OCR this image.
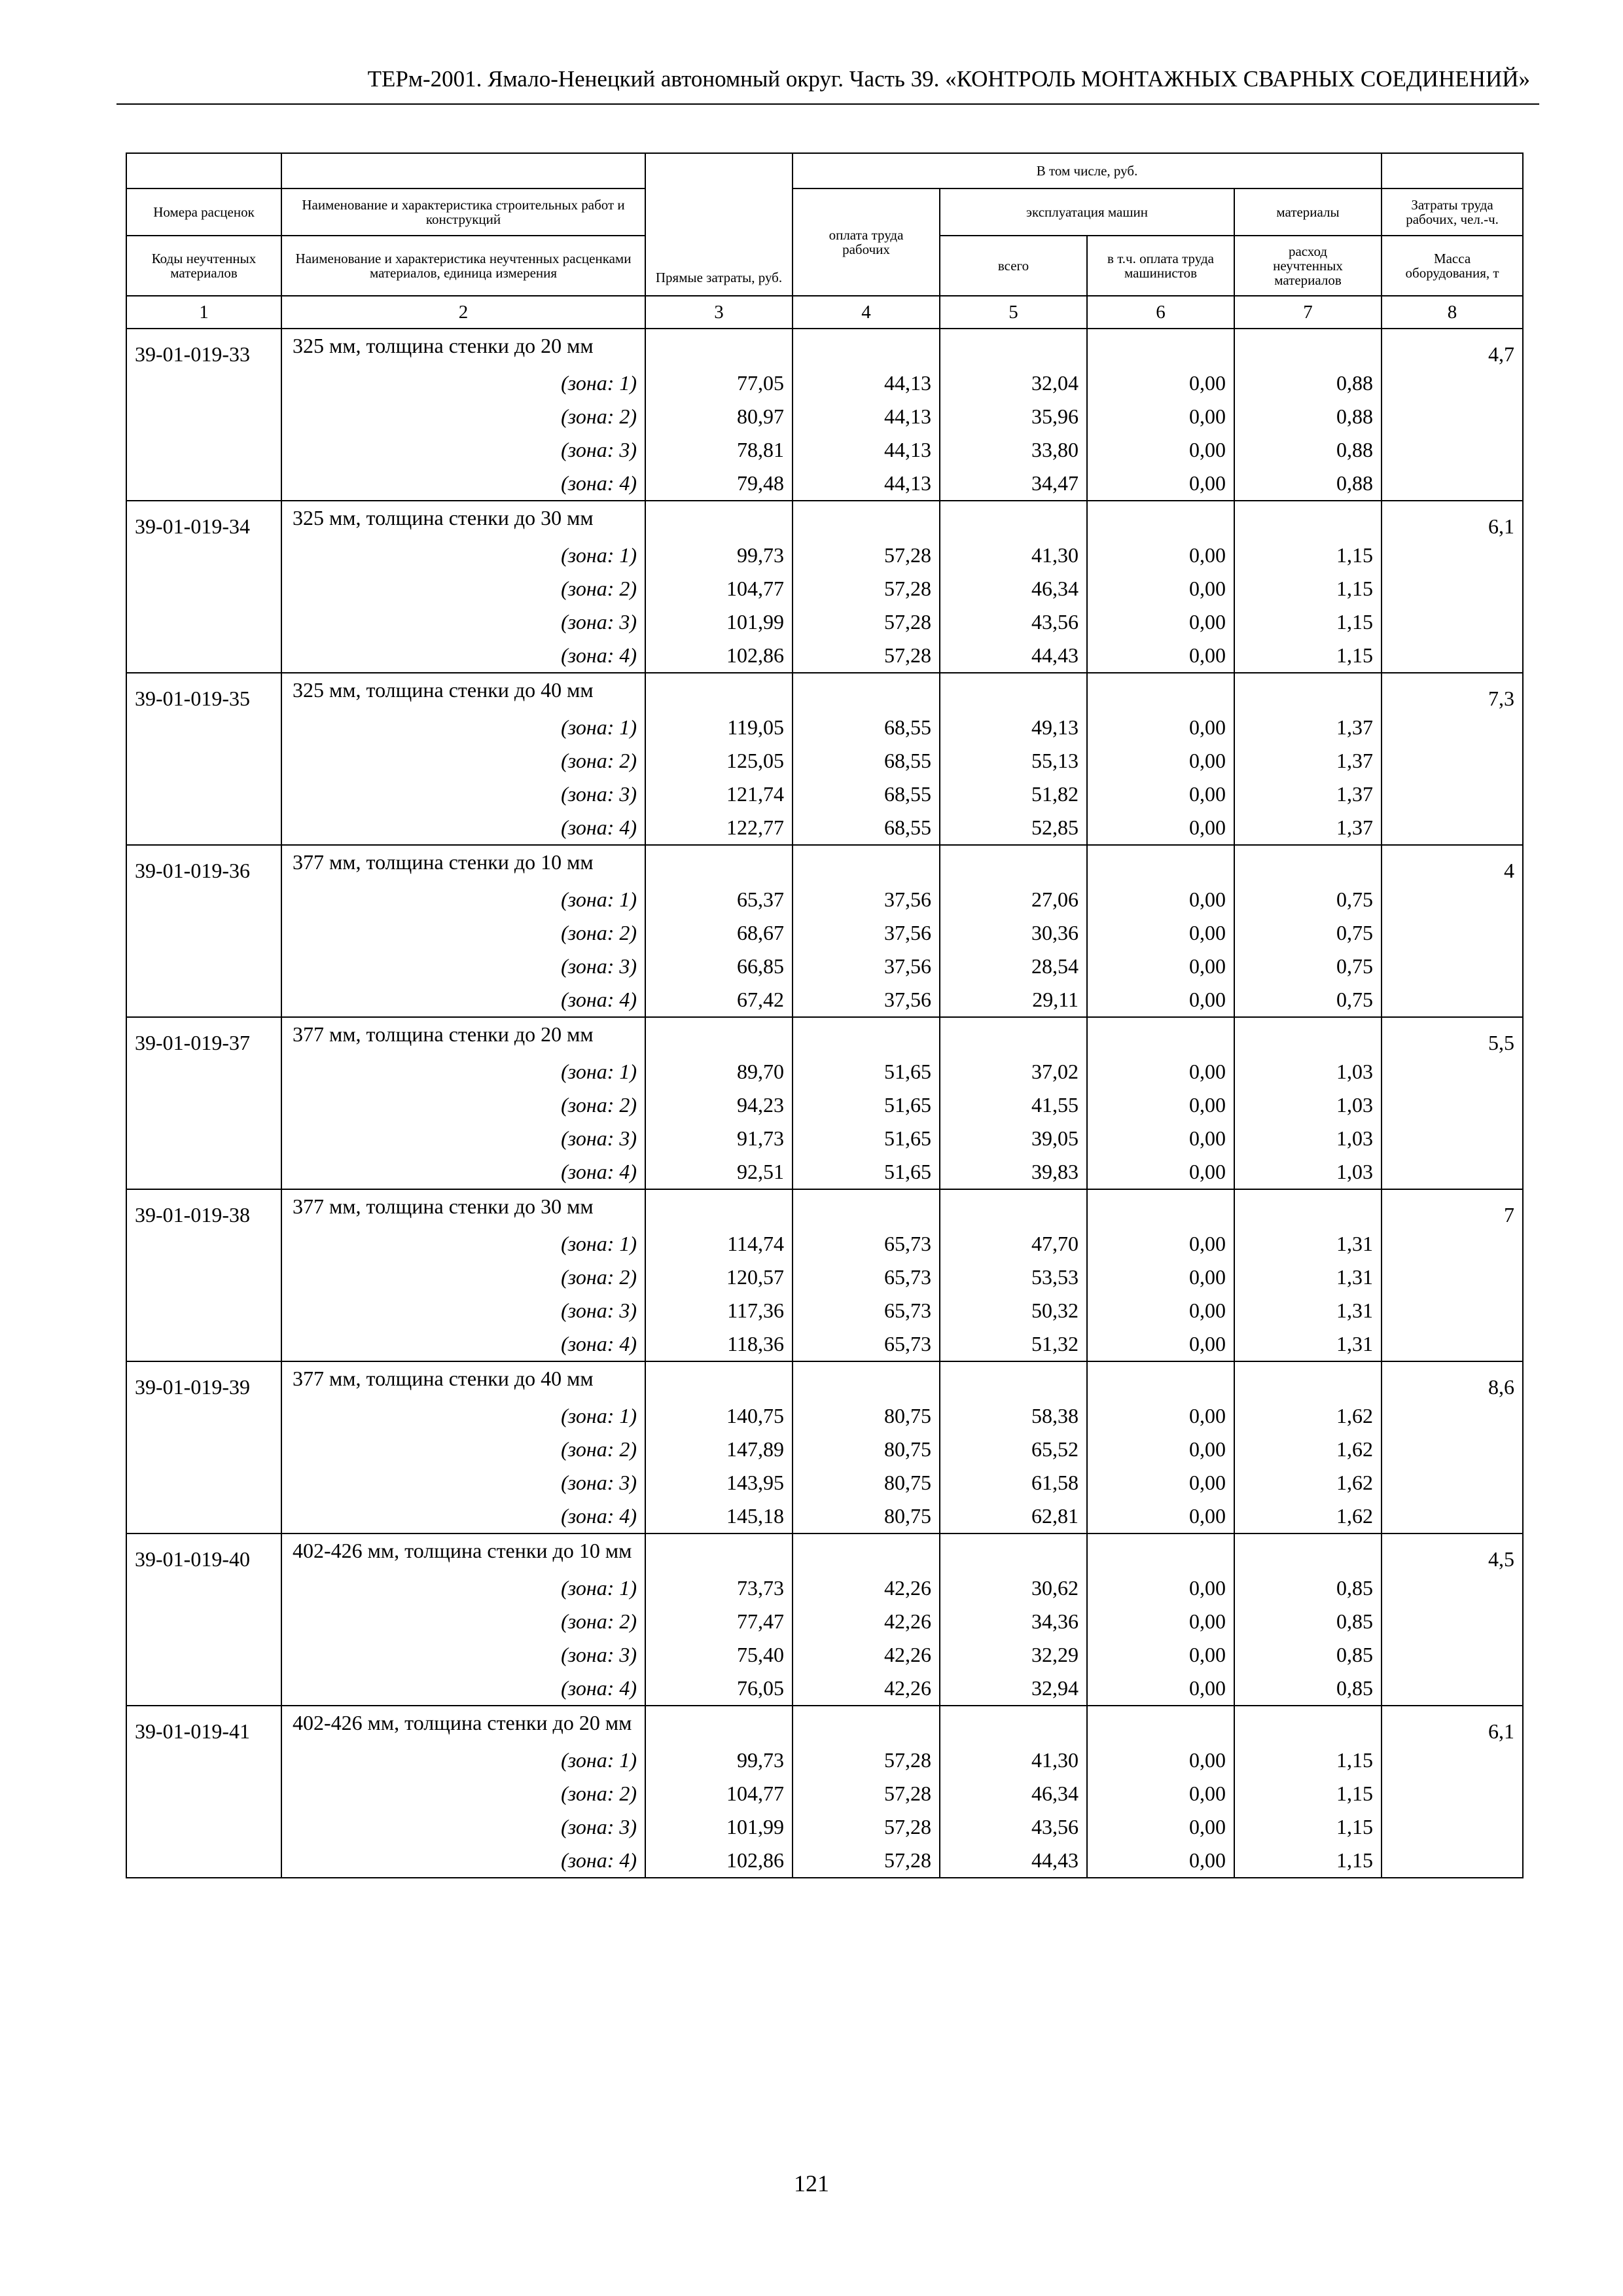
ТЕРм-2001. Ямало-Ненецкий автономный округ. Часть 39. «КОНТРОЛЬ МОНТАЖНЫХ СВАРНЫХ СОЕДИНЕНИЙ»
		Прямые затраты, руб.	В том числе, руб.				
Номера расценок	Наименование и характеристика строительных работ и конструкций		оплата труда рабочих	эксплуатация машин		материалы	Затраты труда рабочих, чел.-ч.
Коды неучтенных материалов	Наименование и характеристика неучтенных расценками материалов, единица измерения			всего	в т.ч. оплата труда машинистов	расход неучтенных материалов	Масса оборудования, т
1	2	3	4	5	6	7	8
39-01-019-33	325 мм, толщина стенки до 20 мм						4,7
	(зона: 1)	77,05	44,13	32,04	0,00	0,88	
	(зона: 2)	80,97	44,13	35,96	0,00	0,88	
	(зона: 3)	78,81	44,13	33,80	0,00	0,88	
	(зона: 4)	79,48	44,13	34,47	0,00	0,88	
39-01-019-34	325 мм, толщина стенки до 30 мм						6,1
	(зона: 1)	99,73	57,28	41,30	0,00	1,15	
	(зона: 2)	104,77	57,28	46,34	0,00	1,15	
	(зона: 3)	101,99	57,28	43,56	0,00	1,15	
	(зона: 4)	102,86	57,28	44,43	0,00	1,15	
39-01-019-35	325 мм, толщина стенки до 40 мм						7,3
	(зона: 1)	119,05	68,55	49,13	0,00	1,37	
	(зона: 2)	125,05	68,55	55,13	0,00	1,37	
	(зона: 3)	121,74	68,55	51,82	0,00	1,37	
	(зона: 4)	122,77	68,55	52,85	0,00	1,37	
39-01-019-36	377 мм, толщина стенки до 10 мм						4
	(зона: 1)	65,37	37,56	27,06	0,00	0,75	
	(зона: 2)	68,67	37,56	30,36	0,00	0,75	
	(зона: 3)	66,85	37,56	28,54	0,00	0,75	
	(зона: 4)	67,42	37,56	29,11	0,00	0,75	
39-01-019-37	377 мм, толщина стенки до 20 мм						5,5
	(зона: 1)	89,70	51,65	37,02	0,00	1,03	
	(зона: 2)	94,23	51,65	41,55	0,00	1,03	
	(зона: 3)	91,73	51,65	39,05	0,00	1,03	
	(зона: 4)	92,51	51,65	39,83	0,00	1,03	
39-01-019-38	377 мм, толщина стенки до 30 мм						7
	(зона: 1)	114,74	65,73	47,70	0,00	1,31	
	(зона: 2)	120,57	65,73	53,53	0,00	1,31	
	(зона: 3)	117,36	65,73	50,32	0,00	1,31	
	(зона: 4)	118,36	65,73	51,32	0,00	1,31	
39-01-019-39	377 мм, толщина стенки до 40 мм						8,6
	(зона: 1)	140,75	80,75	58,38	0,00	1,62	
	(зона: 2)	147,89	80,75	65,52	0,00	1,62	
	(зона: 3)	143,95	80,75	61,58	0,00	1,62	
	(зона: 4)	145,18	80,75	62,81	0,00	1,62	
39-01-019-40	402-426 мм, толщина стенки до 10 мм						4,5
	(зона: 1)	73,73	42,26	30,62	0,00	0,85	
	(зона: 2)	77,47	42,26	34,36	0,00	0,85	
	(зона: 3)	75,40	42,26	32,29	0,00	0,85	
	(зона: 4)	76,05	42,26	32,94	0,00	0,85	
39-01-019-41	402-426 мм, толщина стенки до 20 мм						6,1
	(зона: 1)	99,73	57,28	41,30	0,00	1,15	
	(зона: 2)	104,77	57,28	46,34	0,00	1,15	
	(зона: 3)	101,99	57,28	43,56	0,00	1,15	
	(зона: 4)	102,86	57,28	44,43	0,00	1,15	
121
